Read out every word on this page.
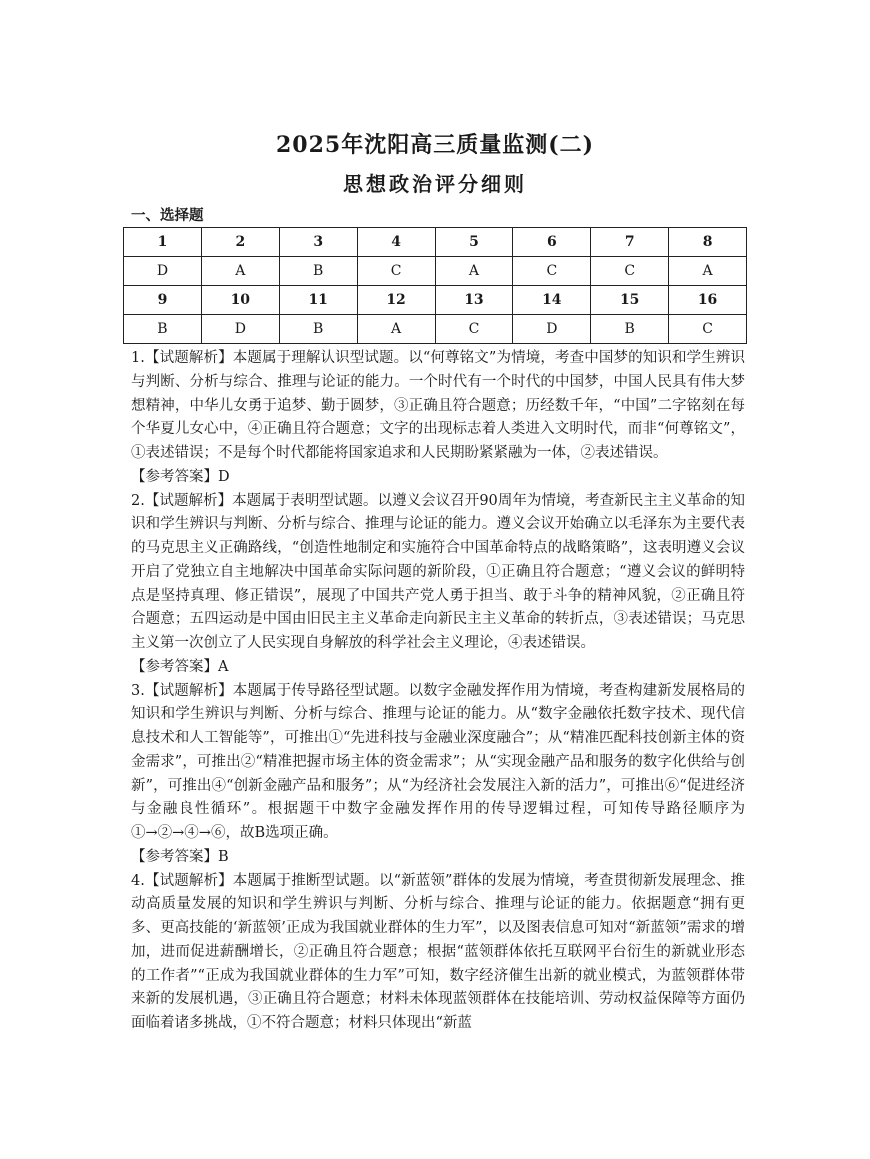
2025年沈阳高三质量监测(二)
思想政治评分细则
一、选择题
1	2	3	4	5	6	7	8
D	A	B	C	A	C	C	A
9	10	11	12	13	14	15	16
B	D	B	A	C	D	B	C

1.【试题解析】本题属于理解认识型试题。以“何尊铭文”为情境，考查中国梦的知识和学生辨识与判断、分析与综合、推理与论证的能力。一个时代有一个时代的中国梦，中国人民具有伟大梦想精神，中华儿女勇于追梦、勤于圆梦，③正确且符合题意；历经数千年，“中国”二字铭刻在每个华夏儿女心中，④正确且符合题意；文字的出现标志着人类进入文明时代，而非“何尊铭文”，①表述错误；不是每个时代都能将国家追求和人民期盼紧紧融为一体，②表述错误。

【参考答案】D

2.【试题解析】本题属于表明型试题。以遵义会议召开90周年为情境，考查新民主主义革命的知识和学生辨识与判断、分析与综合、推理与论证的能力。遵义会议开始确立以毛泽东为主要代表的马克思主义正确路线，“创造性地制定和实施符合中国革命特点的战略策略”，这表明遵义会议开启了党独立自主地解决中国革命实际问题的新阶段，①正确且符合题意；“遵义会议的鲜明特点是坚持真理、修正错误”，展现了中国共产党人勇于担当、敢于斗争的精神风貌，②正确且符合题意；五四运动是中国由旧民主主义革命走向新民主主义革命的转折点，③表述错误；马克思主义第一次创立了人民实现自身解放的科学社会主义理论，④表述错误。

【参考答案】A

3.【试题解析】本题属于传导路径型试题。以数字金融发挥作用为情境，考查构建新发展格局的知识和学生辨识与判断、分析与综合、推理与论证的能力。从“数字金融依托数字技术、现代信息技术和人工智能等”，可推出①“先进科技与金融业深度融合”；从“精准匹配科技创新主体的资金需求”，可推出②“精准把握市场主体的资金需求”；从“实现金融产品和服务的数字化供给与创新”，可推出④“创新金融产品和服务”；从“为经济社会发展注入新的活力”，可推出⑥“促进经济与金融良性循环”。根据题干中数字金融发挥作用的传导逻辑过程，可知传导路径顺序为①→②→④→⑥，故B选项正确。

【参考答案】B

4.【试题解析】本题属于推断型试题。以“新蓝领”群体的发展为情境，考查贯彻新发展理念、推动高质量发展的知识和学生辨识与判断、分析与综合、推理与论证的能力。依据题意“拥有更多、更高技能的‘新蓝领’正成为我国就业群体的生力军”，以及图表信息可知对“新蓝领”需求的增加，进而促进薪酬增长，②正确且符合题意；根据“蓝领群体依托互联网平台衍生的新就业形态的工作者”“正成为我国就业群体的生力军”可知，数字经济催生出新的就业模式，为蓝领群体带来新的发展机遇，③正确且符合题意；材料未体现蓝领群体在技能培训、劳动权益保障等方面仍面临着诸多挑战，①不符合题意；材料只体现出“新蓝
